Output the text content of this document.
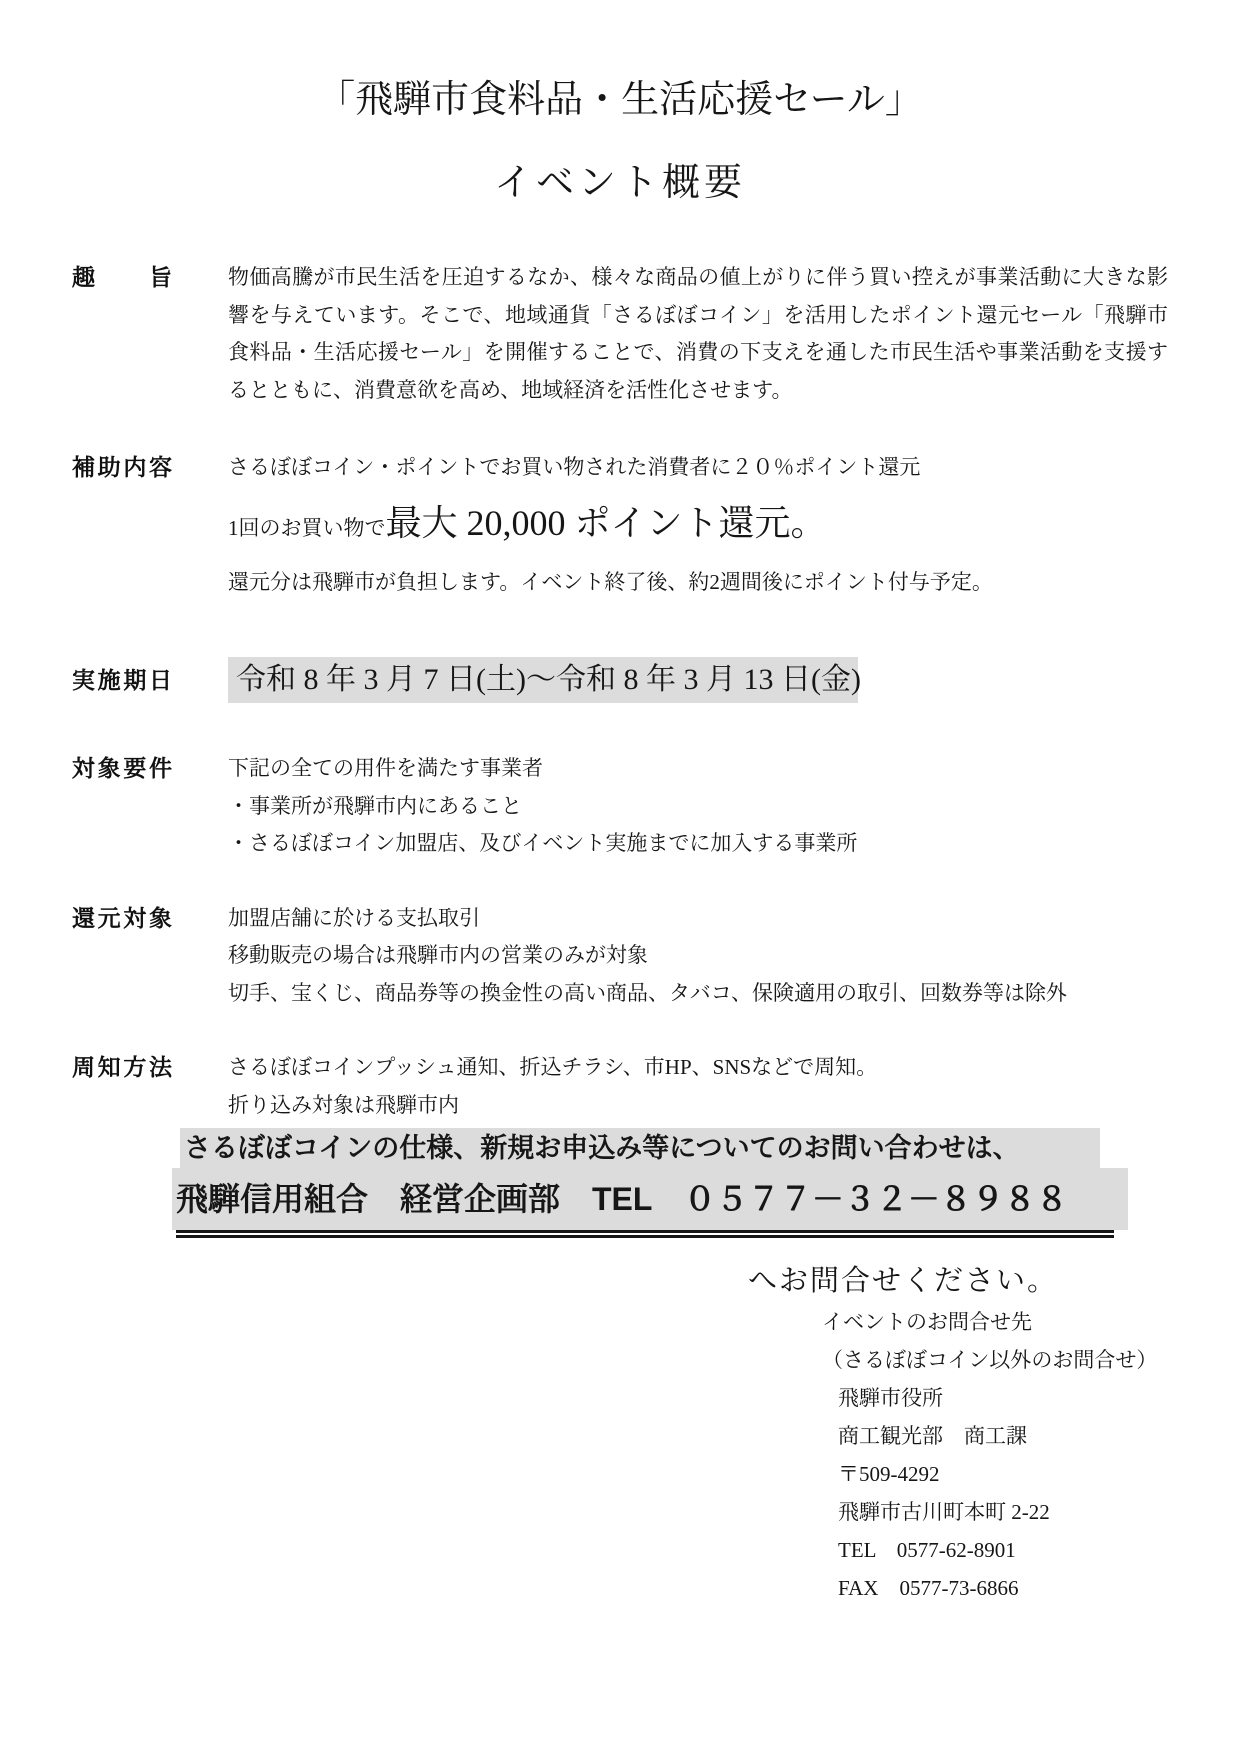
「飛騨市食料品・生活応援セール」
イベント概要
趣旨	物価高騰が市民生活を圧迫するなか、様々な商品の値上がりに伴う買い控えが事業活動に大きな影響を与えています。そこで、地域通貨「さるぼぼコイン」を活用したポイント還元セール「飛騨市食料品・生活応援セール」を開催することで、消費の下支えを通した市民生活や事業活動を支援するとともに、消費意欲を高め、地域経済を活性化させます。
補助内容	さるぼぼコイン・ポイントでお買い物された消費者に２０％ポイント還元
1回のお買い物で最大 20,000 ポイント還元。
還元分は飛騨市が負担します。イベント終了後、約2週間後にポイント付与予定。
実施期日 令和 8 年 3 月 7 日(土)～令和 8 年 3 月 13 日(金)
対象要件	下記の全ての用件を満たす事業者
・事業所が飛騨市内にあること
・さるぼぼコイン加盟店、及びイベント実施までに加入する事業所
還元対象	加盟店舗に於ける支払取引
移動販売の場合は飛騨市内の営業のみが対象
切手、宝くじ、商品券等の換金性の高い商品、タバコ、保険適用の取引、回数券等は除外
周知方法	さるぼぼコインプッシュ通知、折込チラシ、市HP、SNSなどで周知。
折り込み対象は飛騨市内
さるぼぼコインの仕様、新規お申込み等についてのお問い合わせは、
飛騨信用組合　経営企画部　TEL　０５７７－３２－８９８８
へお問合せください。
イベントのお問合せ先
（さるぼぼコイン以外のお問合せ）
飛騨市役所
商工観光部　商工課
〒509-4292
飛騨市古川町本町 2-22
TEL　0577-62-8901
FAX　0577-73-6866
